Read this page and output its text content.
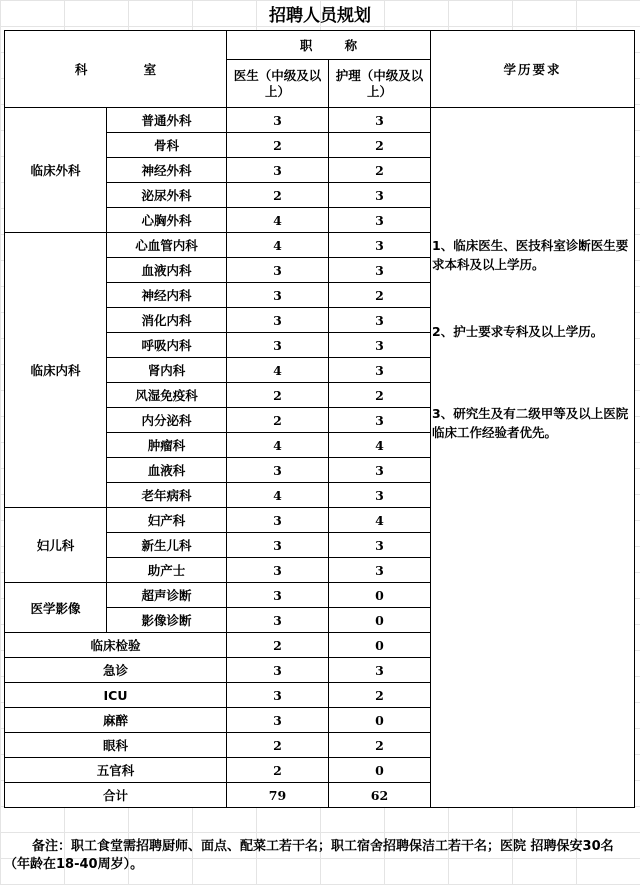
招聘人员规划
科 室		职 称		学历要求
		医生（中级及以上）	护理（中级及以上）	
临床外科	普通外科	3	3	
	骨科	2	2	
	神经外科	3	2	
	泌尿外科	2	3	
	心胸外科	4	3	
临床内科	心血管内科	4	3	
	血液内科	3	3	
	神经内科	3	2	
	消化内科	3	3	
	呼吸内科	3	3	
	肾内科	4	3	
	风湿免疫科	2	2	
	内分泌科	2	3	
	肿瘤科	4	4	
	血液科	3	3	
	老年病科	4	3	
妇儿科	妇产科	3	4	
	新生儿科	3	3	
	助产士	3	3	
医学影像	超声诊断	3	0	
	影像诊断	3	0	
临床检验		2	0	
急诊		3	3	
ICU		3	2	
麻醉		3	0	
眼科		2	2	
五官科		2	0	
合计		79	62	
备注：职工食堂需招聘厨师、面点、配菜工若干名；职工宿舍招聘保洁工若干名；医院 招聘保安30名（年龄在18-40周岁）。
1、临床医生、医技科室诊断医生要求本科及以上学历。
2、护士要求专科及以上学历。
3、研究生及有二级甲等及以上医院临床工作经验者优先。
